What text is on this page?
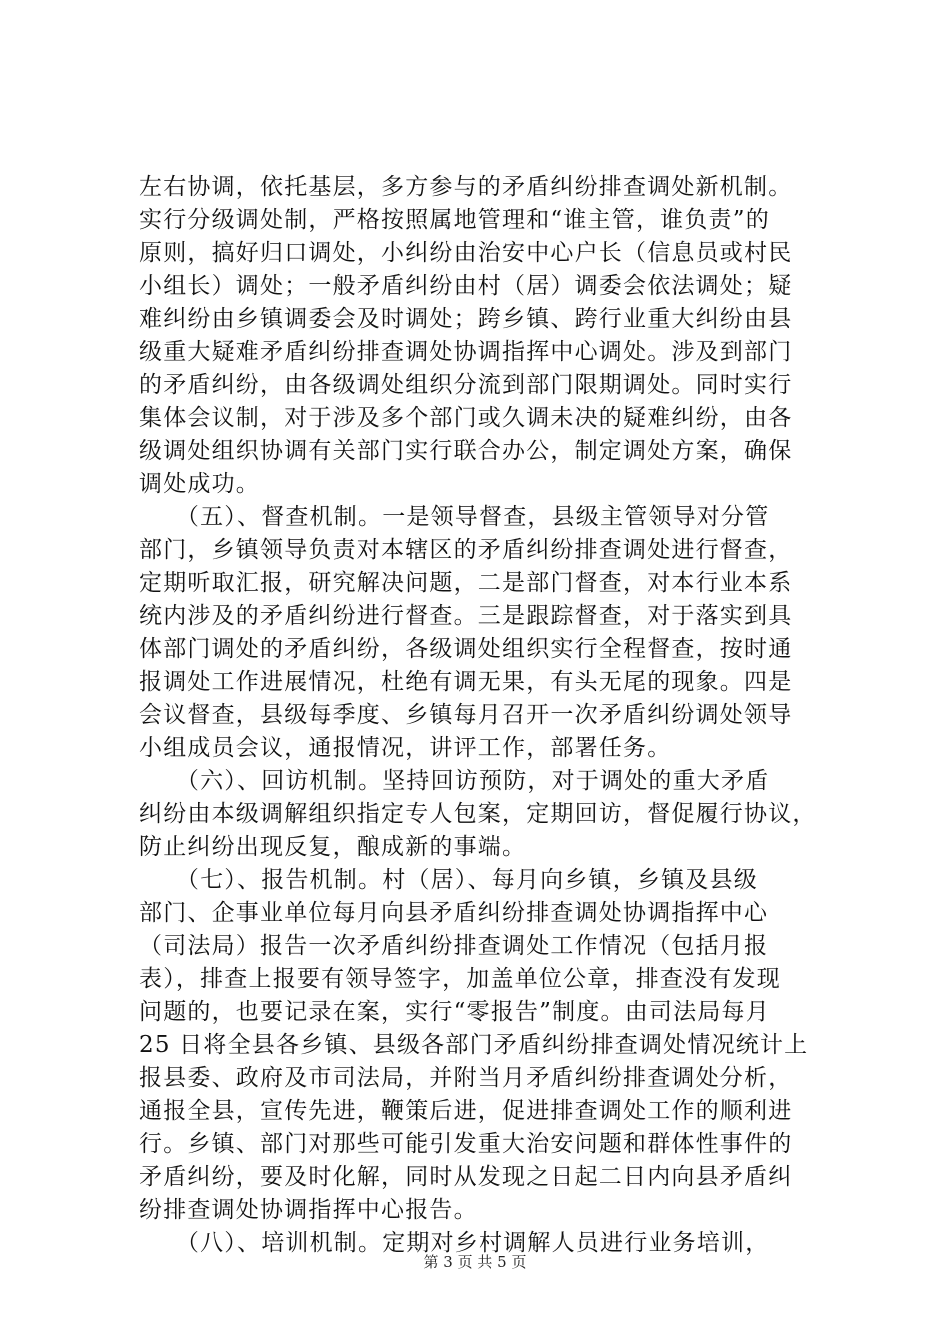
左右协调，依托基层，多方参与的矛盾纠纷排查调处新机制。
实行分级调处制，严格按照属地管理和“谁主管，谁负责”的
原则，搞好归口调处，小纠纷由治安中心户长（信息员或村民
小组长）调处；一般矛盾纠纷由村（居）调委会依法调处；疑
难纠纷由乡镇调委会及时调处；跨乡镇、跨行业重大纠纷由县
级重大疑难矛盾纠纷排查调处协调指挥中心调处。涉及到部门
的矛盾纠纷，由各级调处组织分流到部门限期调处。同时实行
集体会议制，对于涉及多个部门或久调未决的疑难纠纷，由各
级调处组织协调有关部门实行联合办公，制定调处方案，确保
调处成功。
　　（五）、督查机制。一是领导督查，县级主管领导对分管
部门，乡镇领导负责对本辖区的矛盾纠纷排查调处进行督查，
定期听取汇报，研究解决问题，二是部门督查，对本行业本系
统内涉及的矛盾纠纷进行督查。三是跟踪督查，对于落实到具
体部门调处的矛盾纠纷，各级调处组织实行全程督查，按时通
报调处工作进展情况，杜绝有调无果，有头无尾的现象。四是
会议督查，县级每季度、乡镇每月召开一次矛盾纠纷调处领导
小组成员会议，通报情况，讲评工作，部署任务。
　　（六）、回访机制。坚持回访预防，对于调处的重大矛盾
纠纷由本级调解组织指定专人包案，定期回访，督促履行协议，
防止纠纷出现反复，酿成新的事端。
　　（七）、报告机制。村（居）、每月向乡镇，乡镇及县级
部门、企事业单位每月向县矛盾纠纷排查调处协调指挥中心
（司法局）报告一次矛盾纠纷排查调处工作情况（包括月报
表），排查上报要有领导签字，加盖单位公章，排查没有发现
问题的，也要记录在案，实行“零报告”制度。由司法局每月
25 日将全县各乡镇、县级各部门矛盾纠纷排查调处情况统计上
报县委、政府及市司法局，并附当月矛盾纠纷排查调处分析，
通报全县，宣传先进，鞭策后进，促进排查调处工作的顺利进
行。乡镇、部门对那些可能引发重大治安问题和群体性事件的
矛盾纠纷，要及时化解，同时从发现之日起二日内向县矛盾纠
纷排查调处协调指挥中心报告。
　　（八）、培训机制。定期对乡村调解人员进行业务培训，
第 3 页 共 5 页
